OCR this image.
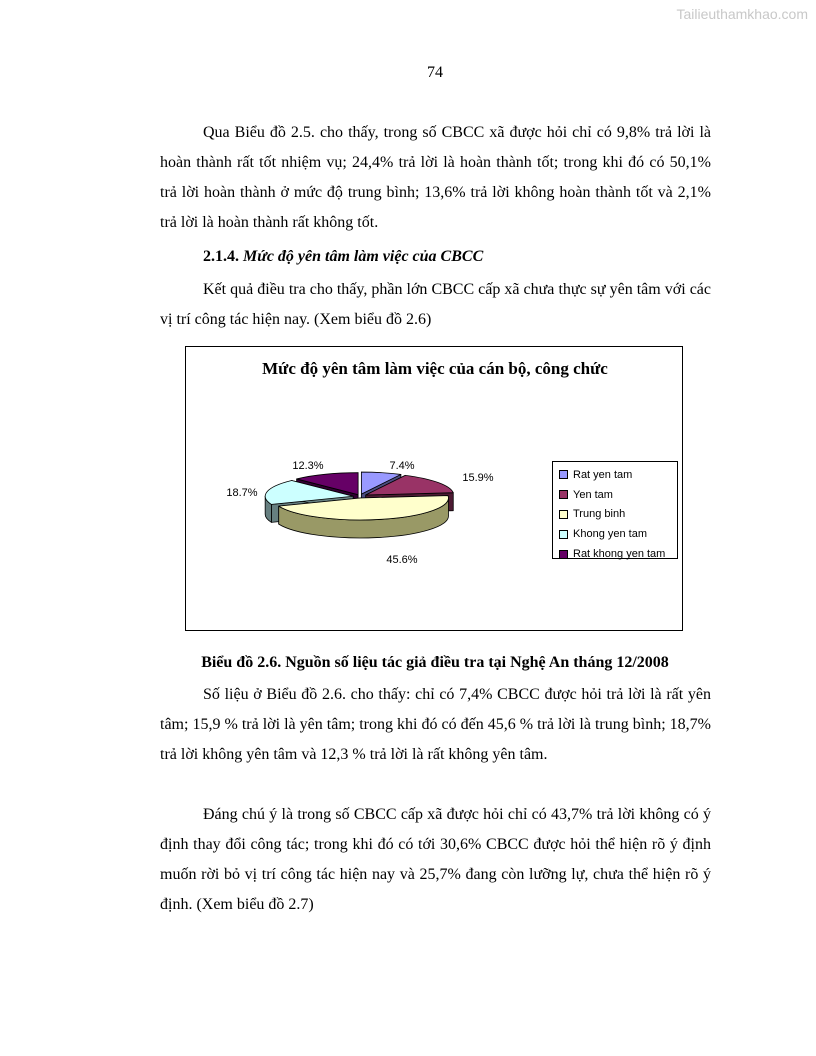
Tailieuthamkhao.com
74

Qua Biểu đồ 2.5. cho thấy, trong số CBCC xã được hỏi chỉ có 9,8% trả lời là hoàn thành rất tốt nhiệm vụ; 24,4% trả lời là hoàn thành tốt; trong khi đó có 50,1% trả lời hoàn thành ở mức độ trung bình; 13,6% trả lời không hoàn thành tốt và 2,1% trả lời là hoàn thành rất không tốt.

2.1.4. Mức độ yên tâm làm việc của CBCC

Kết quả điều tra cho thấy, phần lớn CBCC cấp xã chưa thực sự yên tâm với các vị trí công tác hiện nay. (Xem biểu đồ 2.6)

Mức độ yên tâm làm việc của cán bộ, công chức
7.4%
15.9%
45.6%
18.7%
12.3%
Rat yen tam
Yen tam
Trung binh
Khong yen tam
Rat khong yen tam

Biểu đồ 2.6. Nguồn số liệu tác giả điều tra tại Nghệ An tháng 12/2008

Số liệu ở Biểu đồ 2.6. cho thấy: chỉ có 7,4% CBCC được hỏi trả lời là rất yên tâm; 15,9 % trả lời là yên tâm; trong khi đó có đến 45,6 % trả lời là trung bình; 18,7% trả lời không yên tâm và 12,3 % trả lời là rất không yên tâm.

Đáng chú ý là trong số CBCC cấp xã được hỏi chỉ có 43,7% trả lời không có ý định thay đổi công tác; trong khi đó có tới 30,6% CBCC được hỏi thể hiện rõ ý định muốn rời bỏ vị trí công tác hiện nay và 25,7% đang còn lưỡng lự, chưa thể hiện rõ ý định. (Xem biểu đồ 2.7)
